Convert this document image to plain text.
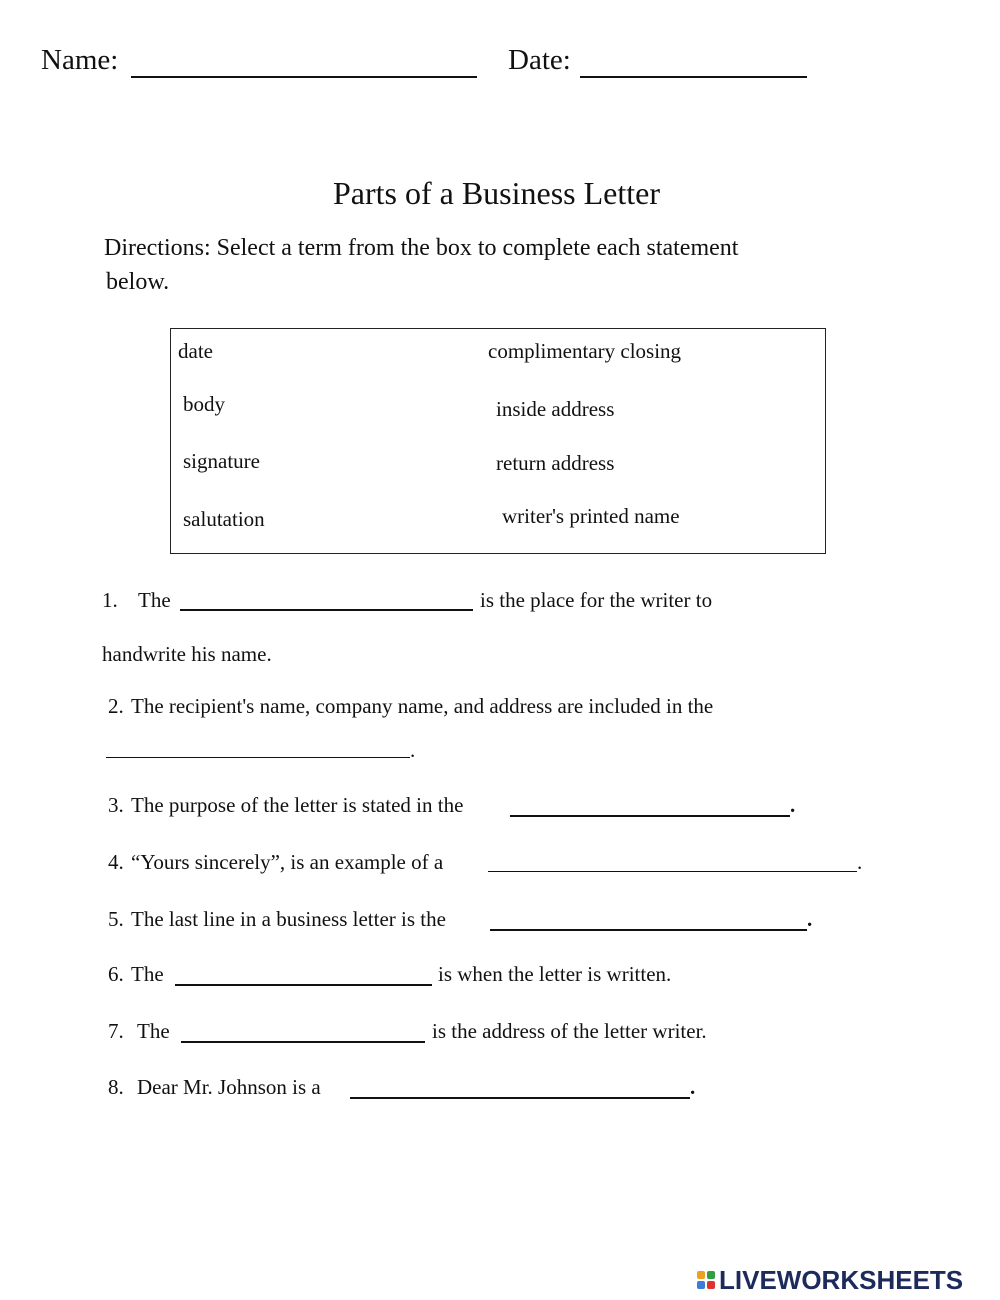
Name:	Date:
Parts of a Business Letter
Directions: Select a term from the box to complete each statement
below.
date
body
signature
salutation
complimentary closing
inside address
return address
writer's printed name
1. The	is the place for the writer to
handwrite his name.
2. The recipient's name, company name, and address are included in the
.
3. The purpose of the letter is stated in the	.
4. “Yours sincerely”, is an example of a	.
5. The last line in a business letter is the	.
6. The	is when the letter is written.
7. The	is the address of the letter writer.
8. Dear Mr. Johnson is a	.
LIVEWORKSHEETS
